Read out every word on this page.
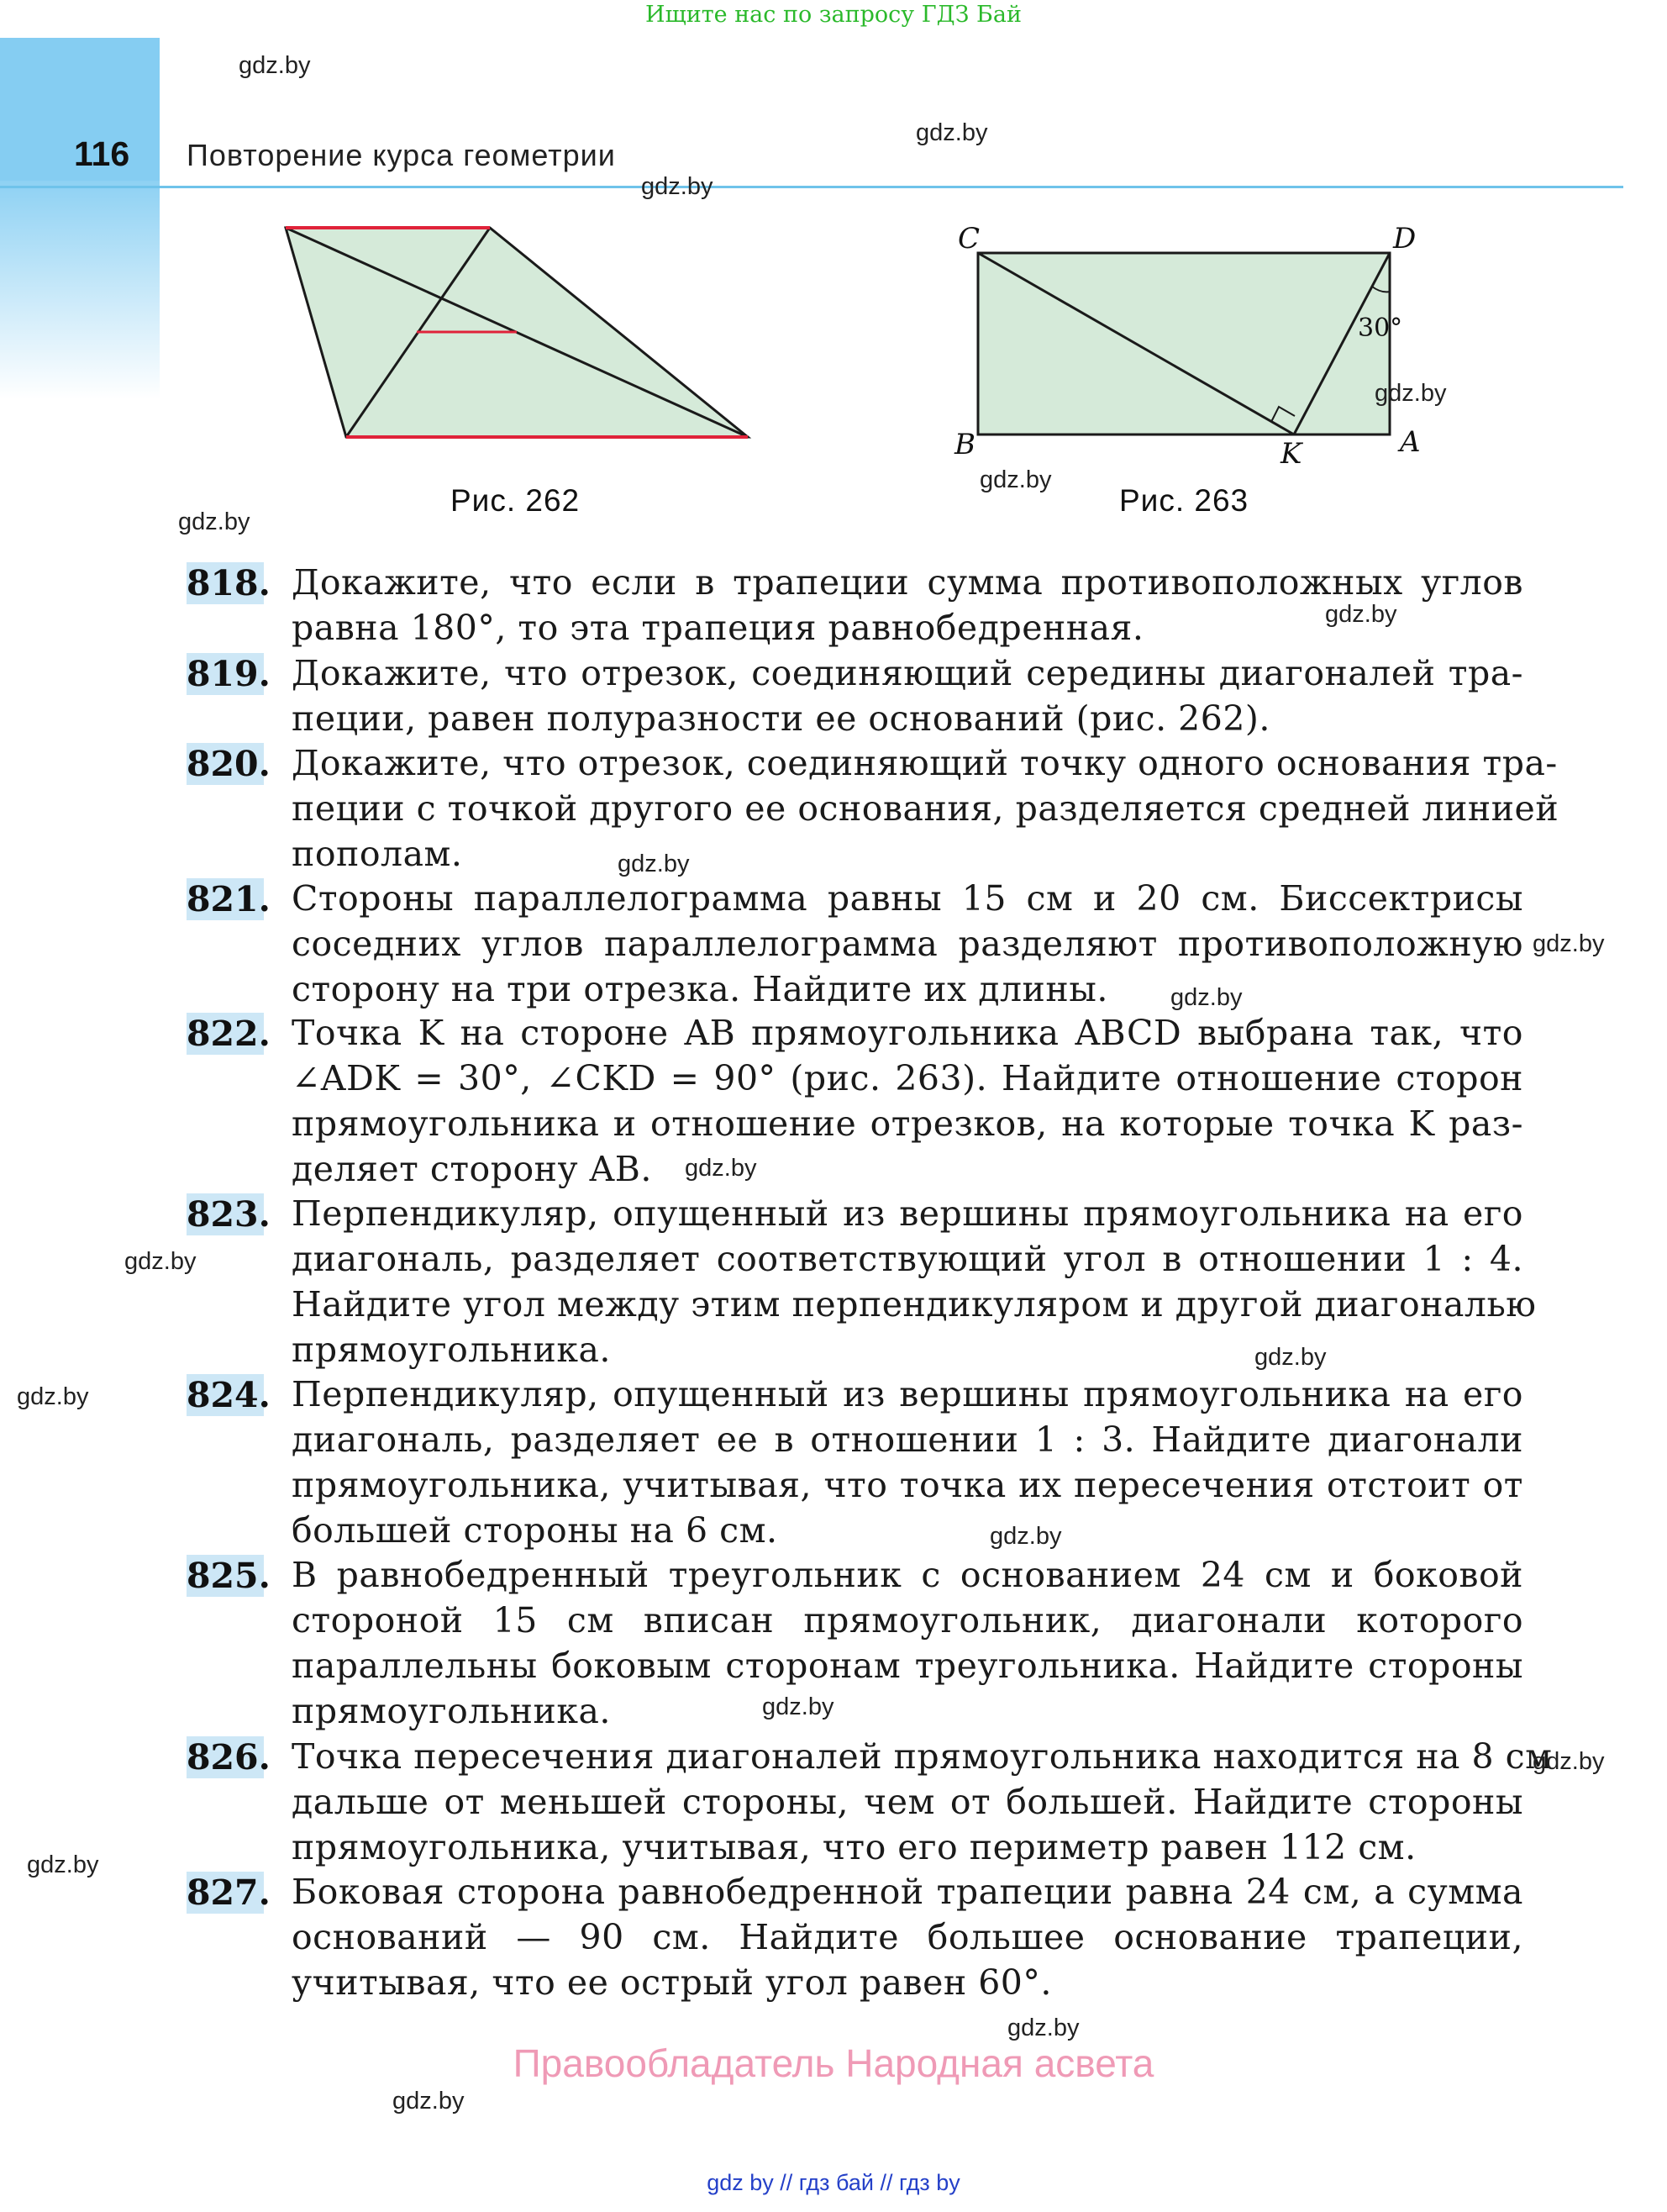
Ищите нас по запросу ГДЗ Бай
116 Повторение курса геометрии
Рис. 262
C	D
B	A
K
30°
Рис. 263
818. Докажите, что если в трапеции сумма противоположных углов
равна 180°, то эта трапеция равнобедренная.
819. Докажите, что отрезок, соединяющий середины диагоналей тра-
пеции, равен полуразности ее оснований (рис. 262).
820. Докажите, что отрезок, соединяющий точку одного основания тра-
пеции с точкой другого ее основания, разделяется средней линией
пополам.
821. Стороны параллелограмма равны 15 см и 20 см. Биссектрисы
соседних углов параллелограмма разделяют противоположную
сторону на три отрезка. Найдите их длины.
822. Точка K на стороне AB прямоугольника ABCD выбрана так, что
∠ADK = 30°, ∠CKD = 90° (рис. 263). Найдите отношение сторон
прямоугольника и отношение отрезков, на которые точка K раз-
деляет сторону AB.
823. Перпендикуляр, опущенный из вершины прямоугольника на его
диагональ, разделяет соответствующий угол в отношении 1 : 4.
Найдите угол между этим перпендикуляром и другой диагональю
прямоугольника.
824. Перпендикуляр, опущенный из вершины прямоугольника на его
диагональ, разделяет ее в отношении 1 : 3. Найдите диагонали
прямоугольника, учитывая, что точка их пересечения отстоит от
большей стороны на 6 см.
825. В равнобедренный треугольник с основанием 24 см и боковой
стороной 15 см вписан прямоугольник, диагонали которого
параллельны боковым сторонам треугольника. Найдите стороны
прямоугольника.
826. Точка пересечения диагоналей прямоугольника находится на 8 см
дальше от меньшей стороны, чем от большей. Найдите стороны
прямоугольника, учитывая, что его периметр равен 112 см.
827. Боковая сторона равнобедренной трапеции равна 24 см, а сумма
оснований — 90 см. Найдите большее основание трапеции,
учитывая, что ее острый угол равен 60°.
gdz.by
gdz.by
gdz.by
gdz.by
gdz.by
gdz.by
gdz.by
gdz.by
gdz.by
gdz.by
gdz.by
gdz.by
gdz.by
gdz.by
gdz.by
gdz.by
gdz.by
gdz.by
gdz.by
gdz.by
Правообладатель Народная асвета
gdz by // гдз бай // гдз by
